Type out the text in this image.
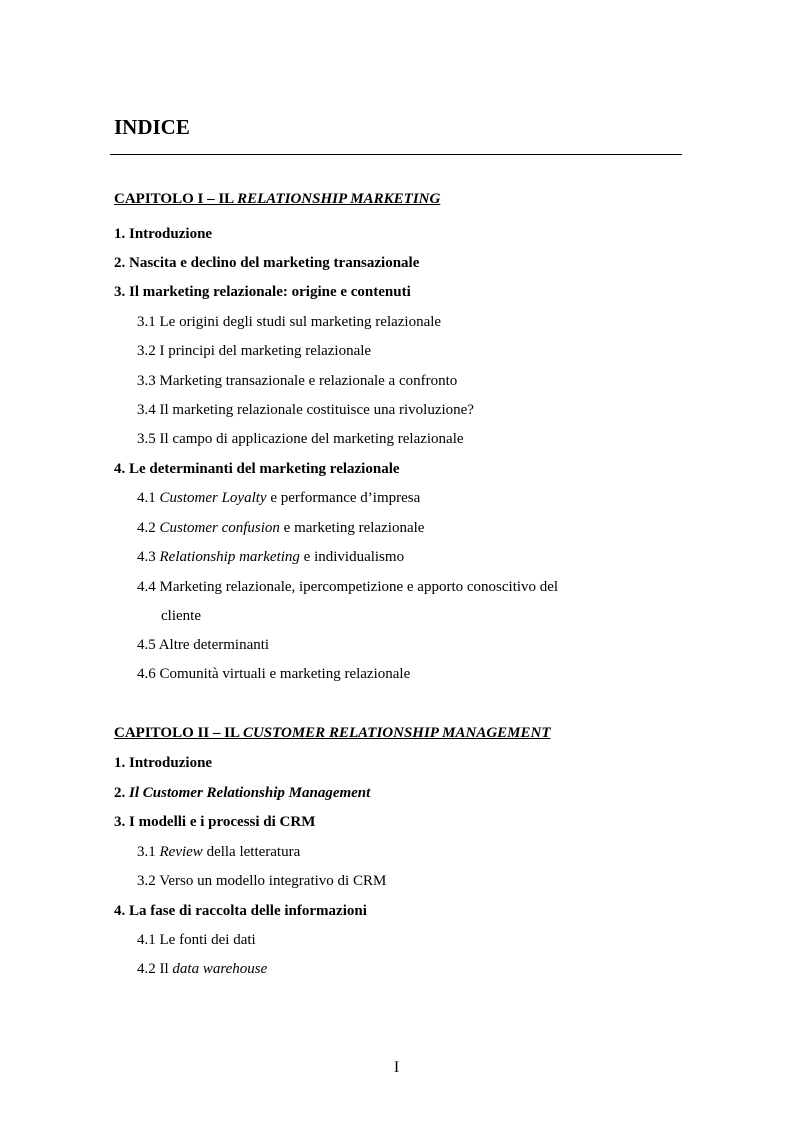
INDICE
CAPITOLO I – IL RELATIONSHIP MARKETING
1. Introduzione
2. Nascita e declino del marketing transazionale
3. Il marketing relazionale: origine e contenuti
3.1 Le origini degli studi sul marketing relazionale
3.2 I principi del marketing relazionale
3.3 Marketing transazionale e relazionale a confronto
3.4 Il marketing relazionale costituisce una rivoluzione?
3.5 Il campo di applicazione del marketing relazionale
4. Le determinanti del marketing relazionale
4.1 Customer Loyalty e performance d’impresa
4.2 Customer confusion e marketing relazionale
4.3 Relationship marketing e individualismo
4.4 Marketing relazionale, ipercompetizione e apporto conoscitivo del
cliente
4.5 Altre determinanti
4.6 Comunità virtuali e marketing relazionale
CAPITOLO II – IL CUSTOMER RELATIONSHIP MANAGEMENT
1. Introduzione
2. Il Customer Relationship Management
3. I modelli e i processi di CRM
3.1 Review della letteratura
3.2 Verso un modello integrativo di CRM
4. La fase di raccolta delle informazioni
4.1 Le fonti dei dati
4.2 Il data warehouse
I
